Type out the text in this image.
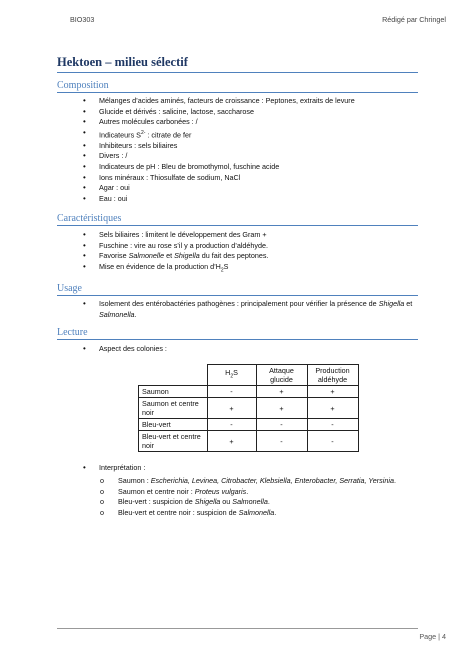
BIO303	Rédigé par Chringel
Hektoen – milieu sélectif
Composition
• Mélanges d’acides aminés, facteurs de croissance : Peptones, extraits de levure
• Glucide et dérivés : salicine, lactose, saccharose
• Autres molécules carbonées : /
• Indicateurs $S^{2-}$ : citrate de fer
• Inhibiteurs : sels biliaires
• Divers : /
• Indicateurs de pH : Bleu de bromothymol, fuschine acide
• Ions minéraux : Thiosulfate de sodium, NaCl
• Agar : oui
• Eau : oui
Caractéristiques
• Sels biliaires : limitent le développement des Gram +
• Fuschine : vire au rose s’il y a production d’aldéhyde.
• Favorise Salmonelle et Shigella du fait des peptones.
• Mise en évidence de la production $d’H_2S$
Usage
• Isolement des entérobactéries pathogènes : principalement pour vérifier la présence de Shigella et Salmonella.
Lecture
• Aspect des colonies :
	$H_2S$	Attaque glucide	Production aldéhyde
Saumon	-	+	+
Saumon et centre noir	+	+	+
Bleu-vert	-	-	-
Bleu-vert et centre noir	+	-	-
• Interprétation :
o Saumon : Escherichia, Levinea, Citrobacter, Klebsiella, Enterobacter, Serratia, Yersinia.
o Saumon et centre noir : Proteus vulgaris.
o Bleu-vert : suspicion de Shigella ou Salmonella.
o Bleu-vert et centre noir : suspicion de Salmonella.
Page | 4
